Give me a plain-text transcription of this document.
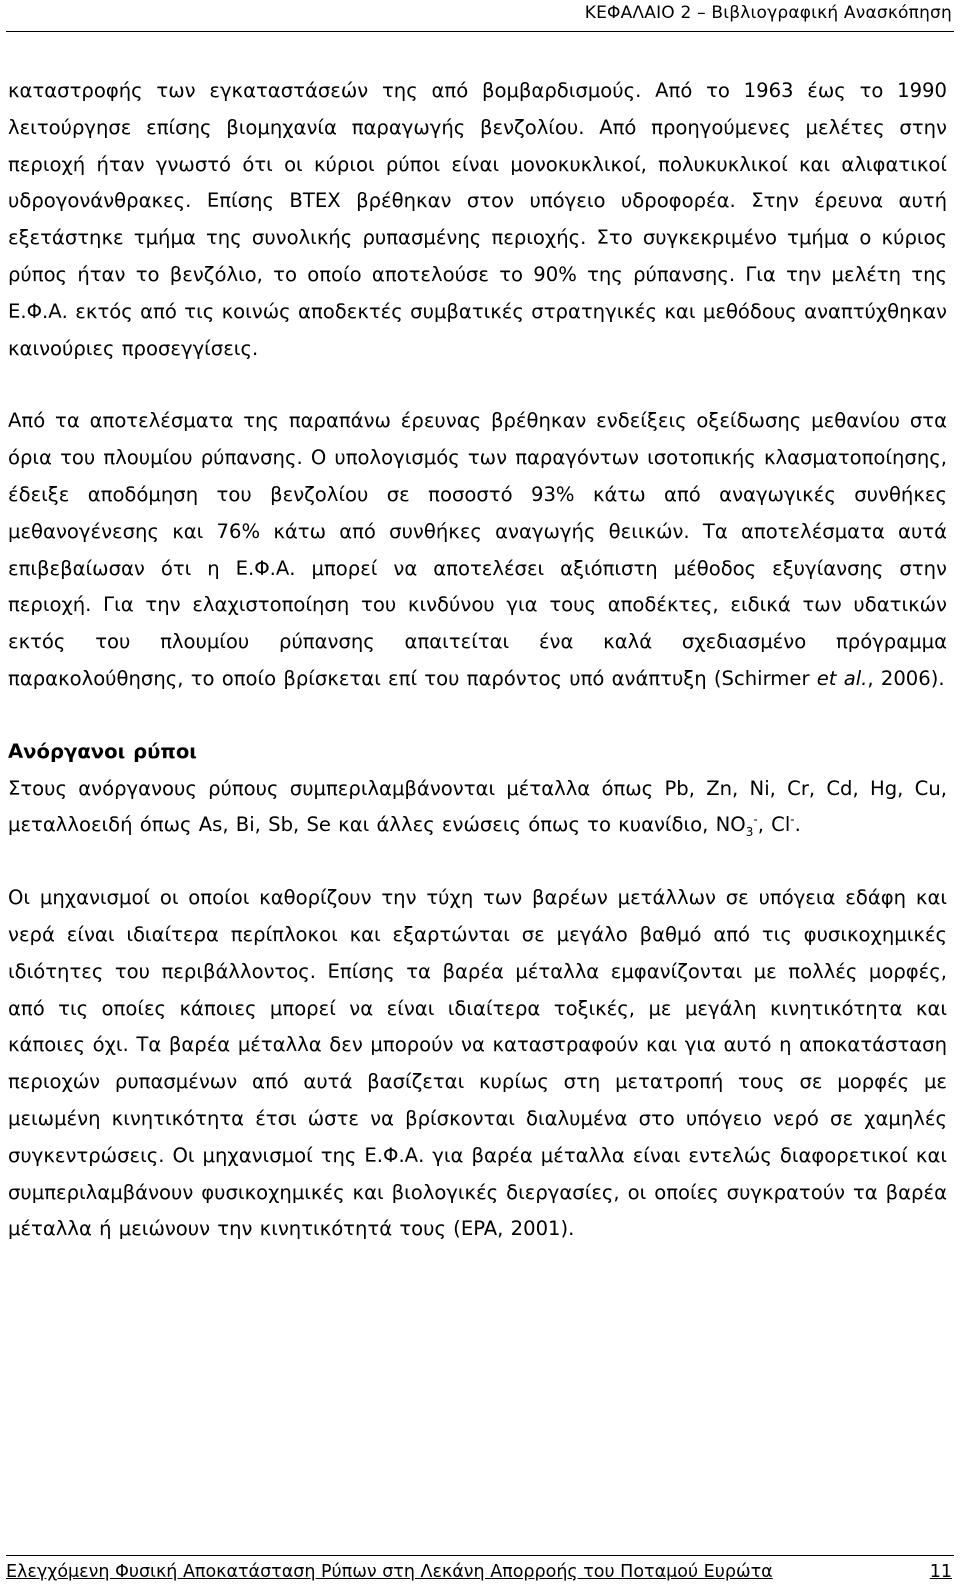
ΚΕΦΑΛΑΙΟ 2 – Βιβλιογραφική Ανασκόπηση

καταστροφής των εγκαταστάσεών της από βομβαρδισμούς. Από το 1963 έως το 1990 λειτούργησε επίσης βιομηχανία παραγωγής βενζολίου. Από προηγούμενες μελέτες στην περιοχή ήταν γνωστό ότι οι κύριοι ρύποι είναι μονοκυκλικοί, πολυκυκλικοί και αλιφατικοί υδρογονάνθρακες. Επίσης BTEX βρέθηκαν στον υπόγειο υδροφορέα. Στην έρευνα αυτή εξετάστηκε τμήμα της συνολικής ρυπασμένης περιοχής. Στο συγκεκριμένο τμήμα ο κύριος ρύπος ήταν το βενζόλιο, το οποίο αποτελούσε το 90% της ρύπανσης. Για την μελέτη της Ε.Φ.Α. εκτός από τις κοινώς αποδεκτές συμβατικές στρατηγικές και μεθόδους αναπτύχθηκαν καινούριες προσεγγίσεις.

Από τα αποτελέσματα της παραπάνω έρευνας βρέθηκαν ενδείξεις οξείδωσης μεθανίου στα όρια του πλουμίου ρύπανσης. Ο υπολογισμός των παραγόντων ισοτοπικής κλασματοποίησης, έδειξε αποδόμηση του βενζολίου σε ποσοστό 93% κάτω από αναγωγικές συνθήκες μεθανογένεσης και 76% κάτω από συνθήκες αναγωγής θειικών. Τα αποτελέσματα αυτά επιβεβαίωσαν ότι η Ε.Φ.Α. μπορεί να αποτελέσει αξιόπιστη μέθοδος εξυγίανσης στην περιοχή. Για την ελαχιστοποίηση του κινδύνου για τους αποδέκτες, ειδικά των υδατικών εκτός του πλουμίου ρύπανσης απαιτείται ένα καλά σχεδιασμένο πρόγραμμα παρακολούθησης, το οποίο βρίσκεται επί του παρόντος υπό ανάπτυξη (Schirmer et al., 2006).

Ανόργανοι ρύποι

Στους ανόργανους ρύπους συμπεριλαμβάνονται μέταλλα όπως Pb, Zn, Ni, Cr, Cd, Hg, Cu, μεταλλοειδή όπως As, Bi, Sb, Se και άλλες ενώσεις όπως το κυανίδιο, $NO_3^-$, Cl-.

Οι μηχανισμοί οι οποίοι καθορίζουν την τύχη των βαρέων μετάλλων σε υπόγεια εδάφη και νερά είναι ιδιαίτερα περίπλοκοι και εξαρτώνται σε μεγάλο βαθμό από τις φυσικοχημικές ιδιότητες του περιβάλλοντος. Επίσης τα βαρέα μέταλλα εμφανίζονται με πολλές μορφές, από τις οποίες κάποιες μπορεί να είναι ιδιαίτερα τοξικές, με μεγάλη κινητικότητα και κάποιες όχι. Τα βαρέα μέταλλα δεν μπορούν να καταστραφούν και για αυτό η αποκατάσταση περιοχών ρυπασμένων από αυτά βασίζεται κυρίως στη μετατροπή τους σε μορφές με μειωμένη κινητικότητα έτσι ώστε να βρίσκονται διαλυμένα στο υπόγειο νερό σε χαμηλές συγκεντρώσεις. Οι μηχανισμοί της Ε.Φ.Α. για βαρέα μέταλλα είναι εντελώς διαφορετικοί και συμπεριλαμβάνουν φυσικοχημικές και βιολογικές διεργασίες, οι οποίες συγκρατούν τα βαρέα μέταλλα ή μειώνουν την κινητικότητά τους (EPA, 2001).

Ελεγχόμενη Φυσική Αποκατάσταση Ρύπων στη Λεκάνη Απορροής του Ποταμού Ευρώτα	11
